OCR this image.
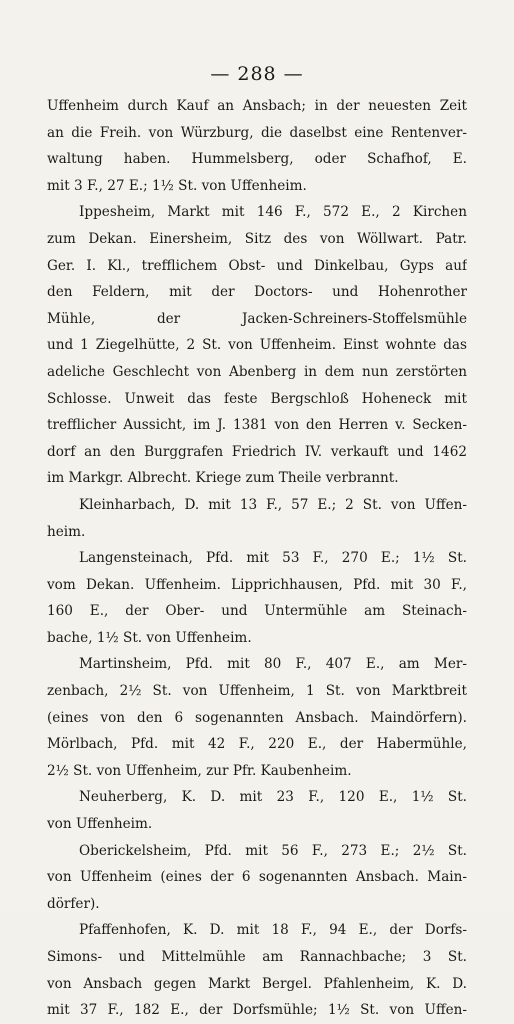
— 288 —
Uffenheim durch Kauf an Ansbach; in der neuesten Zeit
an die Freih. von Würzburg, die daselbst eine Rentenver-
waltung haben. Hummelsberg, oder Schafhof, E.
mit 3 F., 27 E.; 1½ St. von Uffenheim.
Ippesheim, Markt mit 146 F., 572 E., 2 Kirchen
zum Dekan. Einersheim, Sitz des von Wöllwart. Patr.
Ger. I. Kl., trefflichem Obst- und Dinkelbau, Gyps auf
den Feldern, mit der Doctors- und Hohenrother
Mühle, der Jacken-Schreiners-Stoffelsmühle
und 1 Ziegelhütte, 2 St. von Uffenheim. Einst wohnte das
adeliche Geschlecht von Abenberg in dem nun zerstörten
Schlosse. Unweit das feste Bergschloß Hoheneck mit
trefflicher Aussicht, im J. 1381 von den Herren v. Secken-
dorf an den Burggrafen Friedrich IV. verkauft und 1462
im Markgr. Albrecht. Kriege zum Theile verbrannt.
Kleinharbach, D. mit 13 F., 57 E.; 2 St. von Uffen-
heim.
Langensteinach, Pfd. mit 53 F., 270 E.; 1½ St.
vom Dekan. Uffenheim. Lipprichhausen, Pfd. mit 30 F.,
160 E., der Ober- und Untermühle am Steinach-
bache, 1½ St. von Uffenheim.
Martinsheim, Pfd. mit 80 F., 407 E., am Mer-
zenbach, 2½ St. von Uffenheim, 1 St. von Marktbreit
(eines von den 6 sogenannten Ansbach. Maindörfern).
Mörlbach, Pfd. mit 42 F., 220 E., der Habermühle,
2½ St. von Uffenheim, zur Pfr. Kaubenheim.
Neuherberg, K. D. mit 23 F., 120 E., 1½ St.
von Uffenheim.
Oberickelsheim, Pfd. mit 56 F., 273 E.; 2½ St.
von Uffenheim (eines der 6 sogenannten Ansbach. Main-
dörfer).
Pfaffenhofen, K. D. mit 18 F., 94 E., der Dorfs-
Simons- und Mittelmühle am Rannachbache; 3 St.
von Ansbach gegen Markt Bergel. Pfahlenheim, K. D.
mit 37 F., 182 E., der Dorfsmühle; 1½ St. von Uffen-
